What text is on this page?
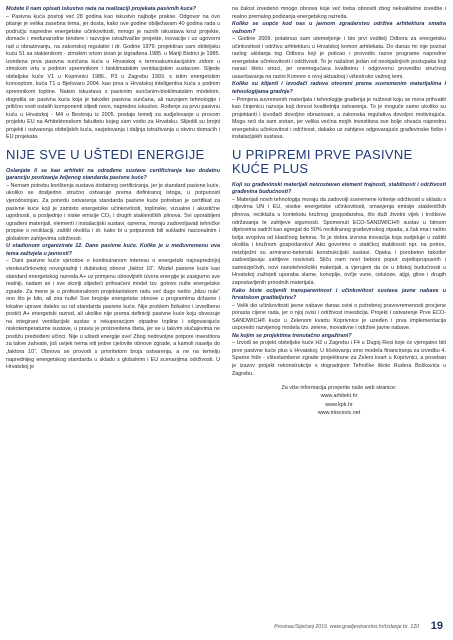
Možete li nam opisati iskustvo rada na realizaciji projekata pasivnih kuća?

– Pasivna kuća postoji već 28 godina kao iskustvo najbolje prakse. Odgovor na ovo pitanje je velika zasebna tema, jer dosta, kako ove godine obilježavam 40 godina rada u području napredne energetske učinkovitosti, mnogo je raznih iskustava kroz projekte, domaće i međunarodne tenderе i razvojne istraživačke projekte, inovacije i uz ugovorni rad u obrazovanju, na zakonskoj regulativi i dr. Godine 1979. projektirao sam obiteljsku kuću 51 sa staklenikom - zimskim vrtom izvan je izgrađena 1985. u Mariji Bistrici je 1985. izvedena prva pasivna sunčana kuća u Hrvatskoj s termoakumulacijskim zidom u zimskom vrtu s podnim spremnikom i bioklimatskim ventilacijskim sustavom. Slijede obiteljske kuće V1 u Koprivnici 1986., P3 u Zagrebu 1993. s istim energetskim konceptom, kuća T1 u Bjelovaru 2004. kao prva u Hrvatskoj inteligentna kuća s podnim spremnikom topline. Nakon iskustava s pasivnim sunčanim-bioklimatskim modelom, dogodila se pasivna kuća koja je također pasivna sunčana, ali razvojem tehnologije i prilično vosti ostalih komponenti slijedi novo, napredno iskustvo. Rođenje za prvu pasivnu kuću u Hrvatskoj - M4 u Bestovju iz 2005. postaje temelj za sudjelovanje u provom projektu EU na Arhitektonskom fakultetu kojeg sam vodio za Hrvatsku. Slijedili su brojni projekti i ostvarenja obiteljskih kuća, savjetovanja i daljnja istraživanja u okviru domaćih i EU projekata.

NIJE SVE U UŠTEDI ENERGIJE

Oslanjate li se kao arhitekt na određene sustave certificiranja kao dodatnu garanciju postizanja željenog standarda pasivne kuće?

– Nemam potrebu korištenja sustava dodatnog certificiranja, jer je standard pasivne kuće, ukoliko se dosljedno stručno ostvaruje prema definiranoj istoga, u potpunosti vjerodostojan. Za potvrdu ostvarenja standarda pasivne kuće potreban je certifikat za pasivne kuće koji je zamisto energetske učinkovitosti, toplinske, vizualne i akustične ugodnosti, a posljednjo i niske emisije CO₂ i drugih stakleničkih plinova. Svi uporabljeni ugrađeni materijali, elementi i instalacijski sustavi, oprema, moraju zadovoljavati tehničke propise o reciklaciji, zaštiti okoliša i dr. kako bi u potpunosti bili sukladni nacionalnim i globalnim zahtjevima održivosti.

U stadionom organizirate 12. Dane pasivne kuće. Kolike je u međuvremenu ova tema zaživjela u javnosti?

– Dani pasivne kuće vjerodoe o kontinuiranom interesu o energetski najnaprednijoj visokoučinkovitoj novogradnji i dubinskoj obnovi „faktor 10“. Model pasivne kuće kao standard energetskog razreda A+ uz primjenu obnovljivih izvora energije je zasigurno sve realniji, nadam se i sve skoriji slijedeći prihvaćeni model tzv. gotovo nulte energetske zgrade. Za mene je u profesionalnom projektantskom radu već dugo nešto „blizu nule“ ono što je bilo, ali zna nulle! Sve brojnije energetske obnove u programima državne i lokalne uprave daleko su od standarda pasivne kuće. Nije problem fizikalno i izvedbeno postići A+ energetski razred, ali ukoliko nije prema definiciji pasivne kuće koju obvezuje na integirani ventilacijski sustav s rekuperacijom otpadne topline i odgovarajuće niskotemperaturne sustave, u praviu je proizvedena šteta, jer se u takvim slučajevima ne postižu predviđeni učinci. Nije u uštedi energije sve! Zbog nedovoljne potpore investitora za takve zahvate, još uvijek nema niti jedne cjelovite obnove zgrade, a kamoli naselja do „faktora 10“. Obnova se provodi s prioritetom broja ostvarenja, a ne na temelju naprednijeg energetskog standarda u skladu s globalnim i EU scenarijima održivosti. U Hrvatskoj je

na žalost izvedeno mnogo obnova koje već treba obnoviti zbog nekvalitetne izvedbe i realno premalog podizanja energetskog razreda.

Koliko se uopće kod nas u javnom zgradarstvu održiva arhitektura smatra važnom?

– Godine 2009. potaknuo sam utemeljenje i bio prvi voditelj Odbora za energetsku učinkovitost i održivu arhitekturu u Hrvatskoj komori arhitekata. Do danas mi nije poznat razlog ukidanja tog Odbora koji je poticao i provodio razne programe napredne energetske učinkovitosti i održivosti. To je nažalost jedan od neobjašnjivih postupaka koji narasi štetu struci, jer onemogućava kvalitetnu i odgovornu provedbu stručnog usavršavanja na razini Komore o ovoj aktualnoj i višestruko važnoj temi.

Koliko su klijenti i izvođači radova otvoreni prema suvremenim materijalima i tehnologijama gradnje?

– Primjena suvremenih materijala i tehnologije građenja je nužnost koju se mora prihvatiti kao činjenicu razvoja koji donosi kvalitetnija ostvarenja. To je moguće samo ukoliko su projektanti i izvođači dovoljno obrazovani, a zakonska regulativa dovoljno motivirajuća. Mogu reći da sam sretan, jer velika većina mojih investitora sve bolje shvaća naprednu energetsku učinkovitost i održivost, dakako uz zahtjeve odgovarajuće građevinske fizike i instalacijskih sustava.

U PRIPREMI PRVE PASIVNE KUĆE PLUS

Koji su građevinski materijali neizostavan element trajnosti, stabilnosti i održivosti građevina budućnosti?

– Materijali novih tehnologija moraju da zadovolji suvremene kriterije održivosti u skladu s ciljevima UN i EU, visoke energetske učinkovitosti, smanjenja emisije stakleničkih plinova, reciklaža u kontekstu kružnog gospodarstva, što duži životni vijek i troškove održavanja te zahtjeve sigurnosti. Spomenuti ECO-SANDWICH® sustav u bitnom dijelovima sadrži kao agregat do 50% recikliranog građevinskog otpada, a čak ima i nešto bolja svojstva od klasičnog betona. To je dobra izvrsna inovacija koja sudjeluje u zaštiti okoliša i kružnom gospodarstvu! Ako govorimo o statičkoj stabilnosti npr. na potres, neizbježni su armirano-betonski konstrukcijski sustavi. Opeka i porobeton također zadovoljavaju zahtjeve nosivosti. Sliču nam novi beboni poput svjetloprupusnih i samoizječivih, novi nanotehnološki materijali, a vjerujem da će u bliskoj budućnosti u Hrvatskoj zaživjeti uporaba slame, konoplje, ovčje vune, celuloze, aljgi, gline i drugih zapostavljenih prirodnih materijala.

Kako biste ocijenili transparentnost i učinkovitost sustava javne nabave u hrvatskom graditeljstvu?

– Velik dio učinkovitosti javne nabave danas ovisi o potrebnoj pravovremenosti procjene porasta cijene rada, jer o njoj ovisi i održivost investicija. Projekt i ostvarenje Prve ECO-SANDWICH® kuće u Zelenom kvartu Koprivnice je uzeđen i prva implementacija usporedo razvijenog modela tzv. zelene, inovativne i održive javne nabave.

Na kojim se projektima trenutačno angažirani?

– Izvodi se projekt obiteljske kuće H2 u Zagrebu i F4 u Dugoj Resi koje će vjerojatno biti prve pasivne kuće plus u Hrvatskoj. U ščekivanju smo modela financiranja za izvedbu 4. Sparne hiže - višestambene zgrade projektirane za Zeleni kvart u Koprivnici, a poseban je izazov projekt rekonstrukcije s dogradnjom Tehničke škole Rudera Boškovića u Zagrebu.

Za više informacija provjerite naše web stranice:
www.arhitekt.hr
www.kpk.hr
www.miscevic.net
Prosinac/Siječanj 2019. www.gradjevinarstvo.hr/Izdanje br. 120 19
